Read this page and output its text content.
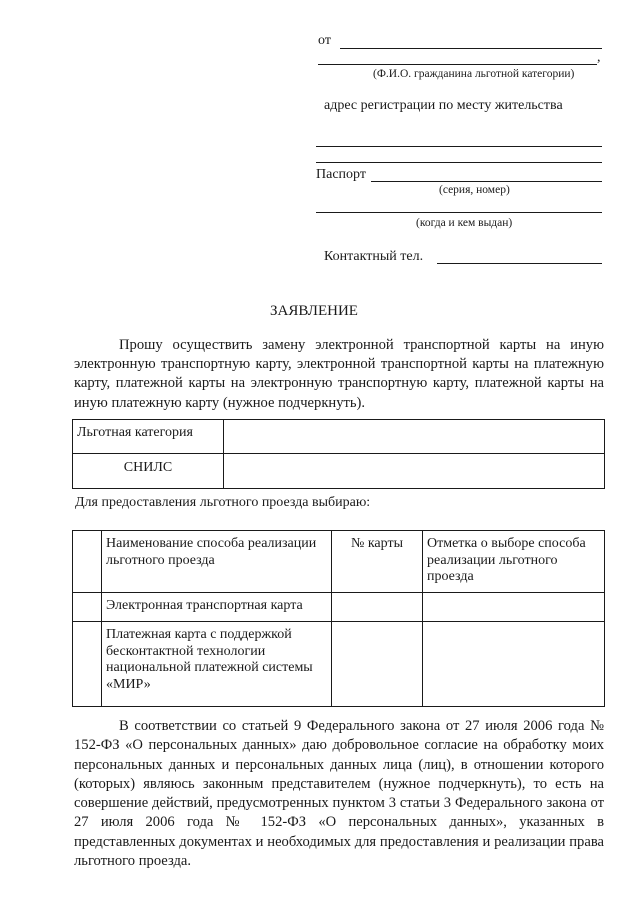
от
,
(Ф.И.О. гражданина льготной категории)
адрес регистрации по месту жительства
Паспорт
(серия, номер)
(когда и кем выдан)
Контактный тел.
ЗАЯВЛЕНИЕ
Прошу осуществить замену электронной транспортной карты на иную электронную транспортную карту, электронной транспортной карты на платежную карту, платежной карты на электронную транспортную карту, платежной карты на иную платежную карту (нужное подчеркнуть).
Льготная категория	
СНИЛС	
Для предоставления льготного проезда выбираю:
	Наименование способа реализации льготного проезда	№ карты	Отметка о выборе способа реализации льготного проезда
	Электронная транспортная карта		
	Платежная карта с поддержкой бесконтактной технологии национальной платежной системы «МИР»		
В соответствии со статьей 9 Федерального закона от 27 июля 2006 года № 152-ФЗ «О персональных данных» даю добровольное согласие на обработку моих персональных данных и персональных данных лица (лиц), в отношении которого (которых) являюсь законным представителем (нужное подчеркнуть), то есть на совершение действий, предусмотренных пунктом 3 статьи 3 Федерального закона от 27 июля 2006 года № 152-ФЗ «О персональных данных», указанных в представленных документах и необходимых для предоставления и реализации права льготного проезда.
